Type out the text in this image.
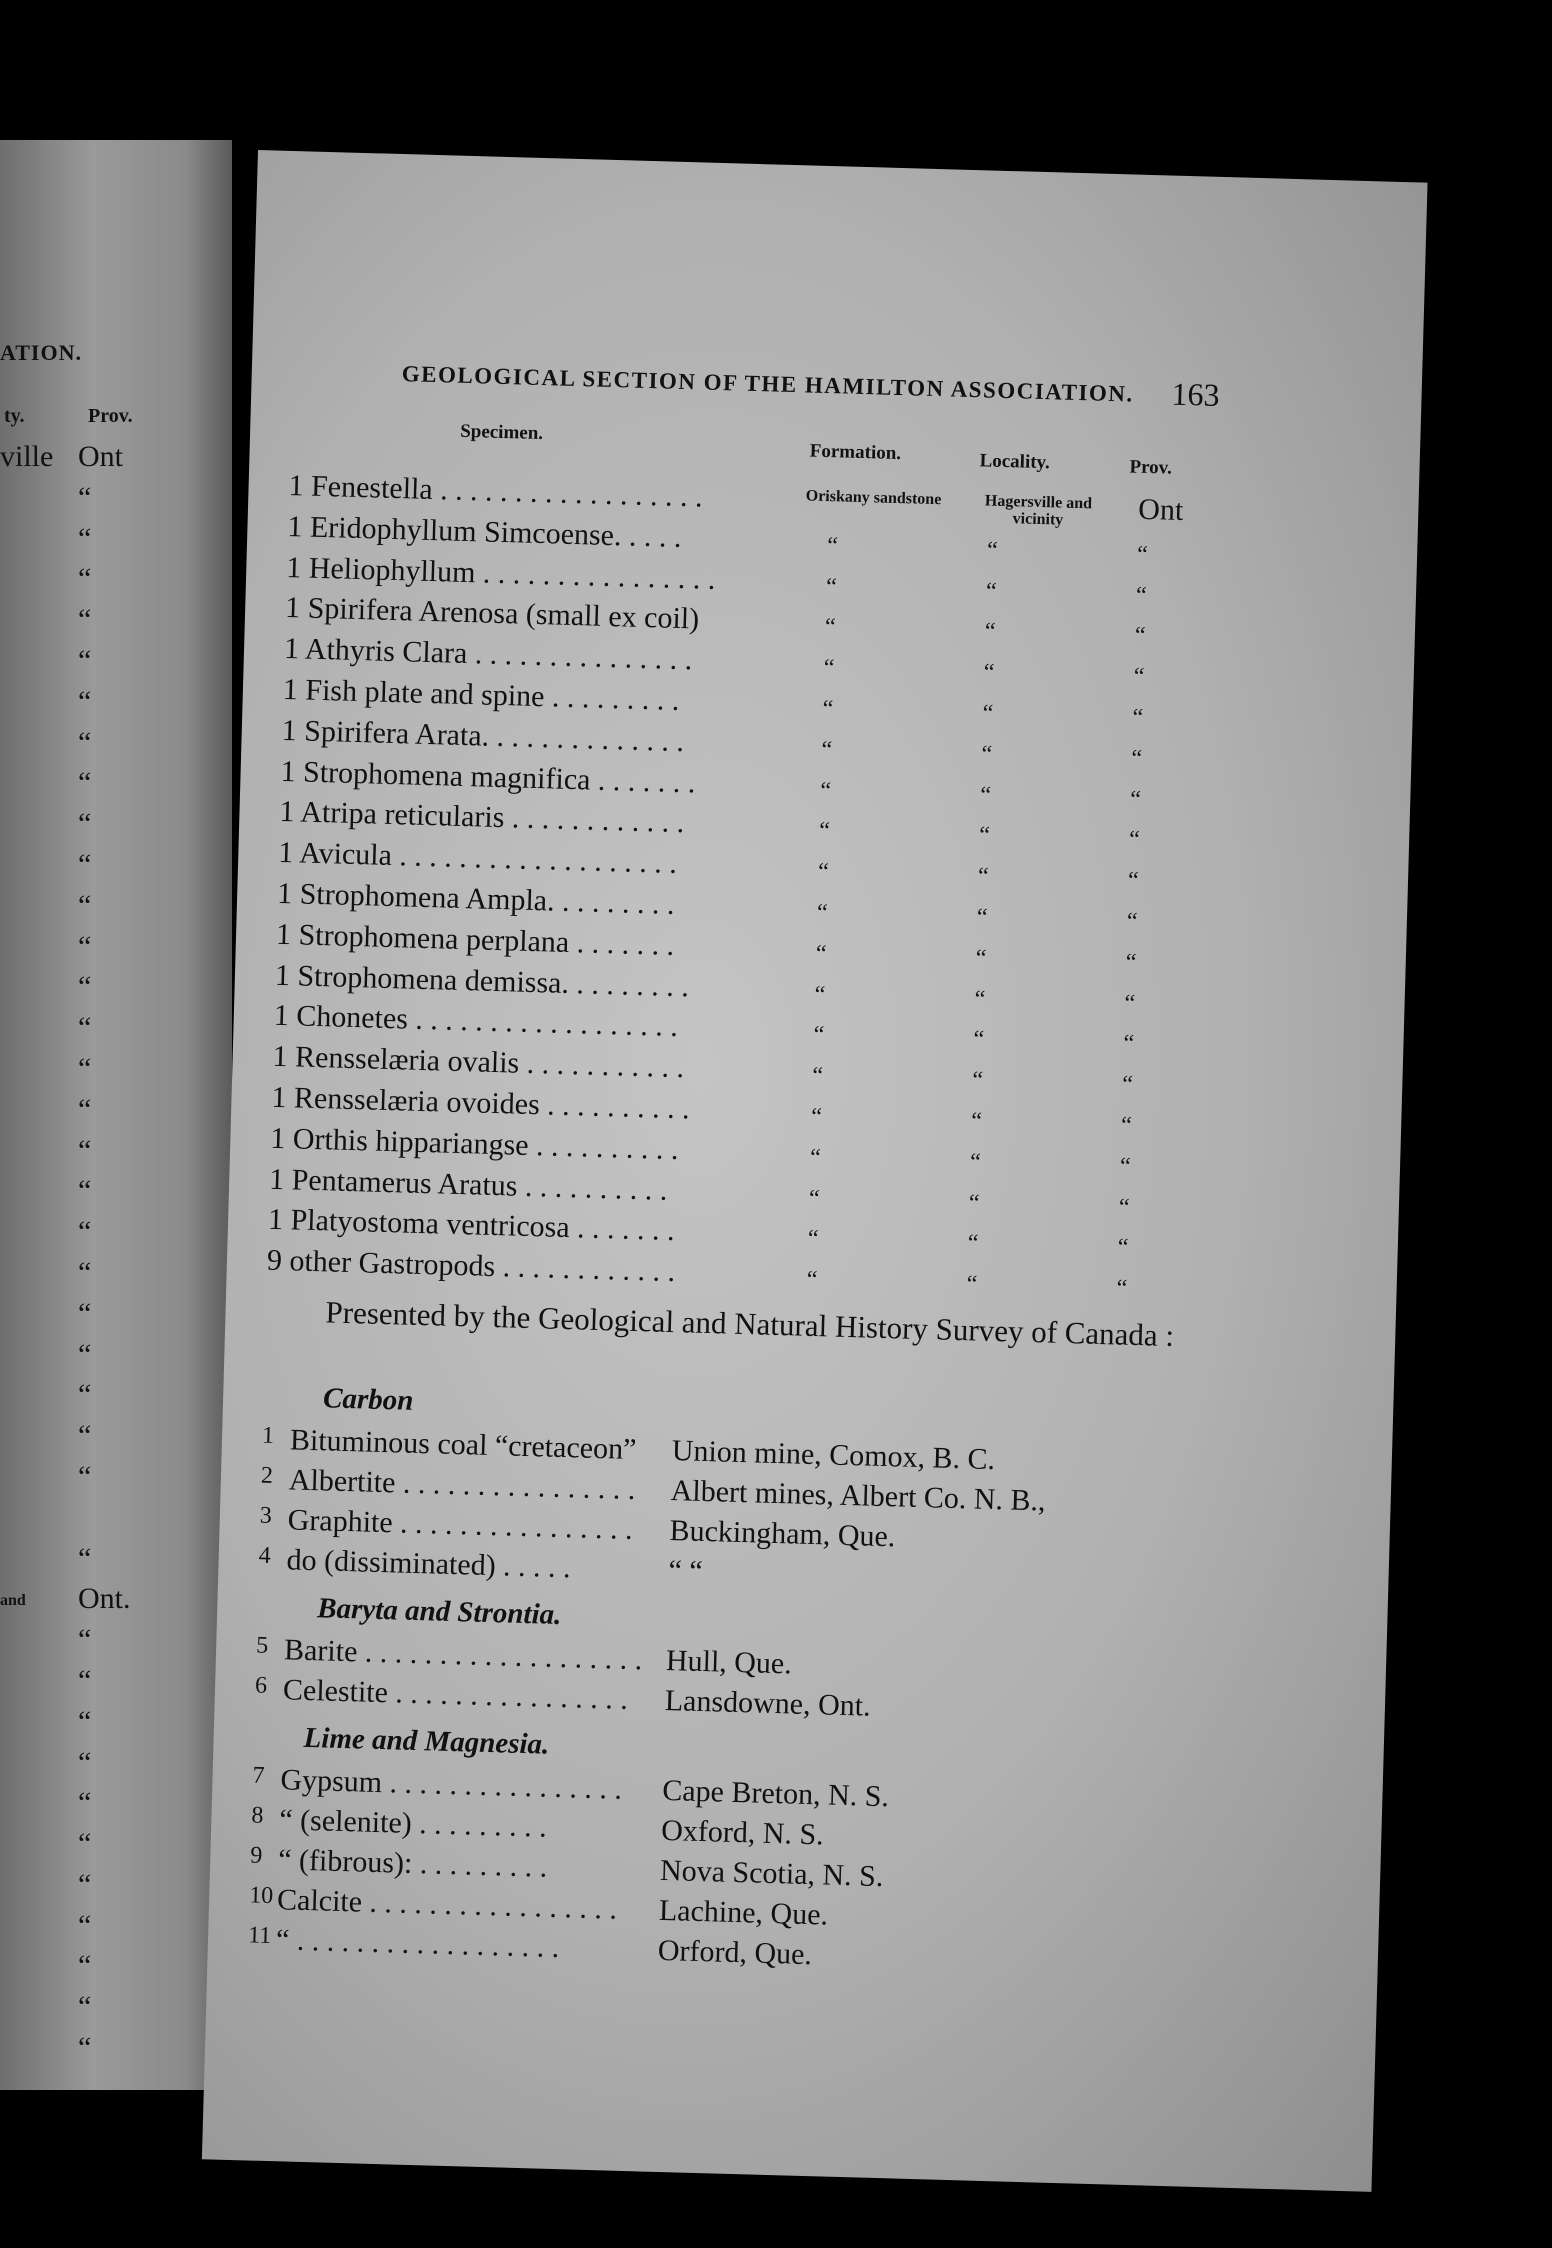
ATION.
ty.	Prov.
ville Ont
“
“
“
“
“
“
“
“
“
“
“
“
“
“
“
“
“
“
“
“
“
“
“
“
“
“
and Ont.
“
“
“
“
“
“
“
“
“
“
“
GEOLOGICAL SECTION OF THE HAMILTON ASSOCIATION. 163
Specimen.
Formation.	Locality.	Prov.
1 Fenestella . . . . . . . . . . . . . . . . . .	Oriskany sandstone	Hagersville and vicinity	Ont
1 Eridophyllum Simcoense. . . . .	“	“	“
1 Heliophyllum . . . . . . . . . . . . . . . .	“	“	“
1 Spirifera Arenosa (small ex coil)	“	“	“
1 Athyris Clara . . . . . . . . . . . . . . .	“	“	“
1 Fish plate and spine . . . . . . . . .	“	“	“
1 Spirifera Arata. . . . . . . . . . . . . .	“	“	“
1 Strophomena magnifica . . . . . . .	“	“	“
1 Atripa reticularis . . . . . . . . . . . .	“	“	“
1 Avicula . . . . . . . . . . . . . . . . . . .	“	“	“
1 Strophomena Ampla. . . . . . . . .	“	“	“
1 Strophomena perplana . . . . . . .	“	“	“
1 Strophomena demissa. . . . . . . . .	“	“	“
1 Chonetes . . . . . . . . . . . . . . . . . .	“	“	“
1 Rensselæria ovalis . . . . . . . . . . .	“	“	“
1 Rensselæria ovoides . . . . . . . . . .	“	“	“
1 Orthis hippariangse . . . . . . . . . .	“	“	“
1 Pentamerus Aratus . . . . . . . . . .	“	“	“
1 Platyostoma ventricosa . . . . . . .	“	“	“
9 other Gastropods . . . . . . . . . . . .	“	“	“
Presented by the Geological and Natural History Survey of Canada :
Carbon
1 Bituminous coal “cretaceon” Union mine, Comox, B. C.
2 Albertite . . . . . . . . . . . . . . . . Albert mines, Albert Co. N. B.,
3 Graphite . . . . . . . . . . . . . . . . Buckingham, Que.
4 do (dissiminated) . . . . .	“ “
Baryta and Strontia.
5 Barite . . . . . . . . . . . . . . . . . . . Hull, Que.
6 Celestite . . . . . . . . . . . . . . . . Lansdowne, Ont.
Lime and Magnesia.
7 Gypsum . . . . . . . . . . . . . . . . Cape Breton, N. S.
8 “ (selenite) . . . . . . . . .	Oxford, N. S.
9 “ (fibrous): . . . . . . . . .	Nova Scotia, N. S.
10 Calcite . . . . . . . . . . . . . . . . . Lachine, Que.
11 “ . . . . . . . . . . . . . . . . . .	Orford, Que.
